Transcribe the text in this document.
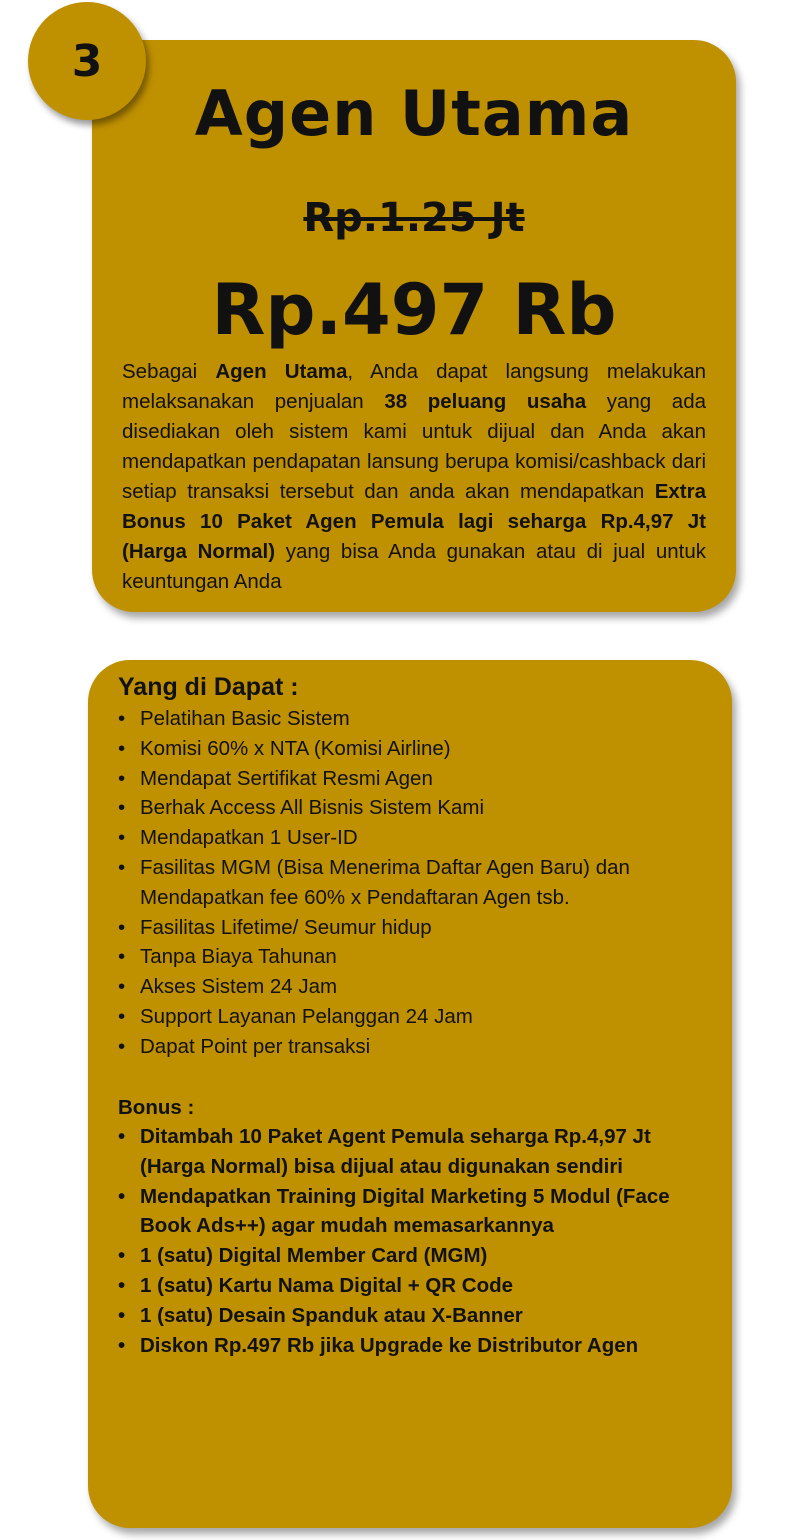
3
Agen Utama
Rp.1.25 Jt
Rp.497 Rb

Sebagai Agen Utama, Anda dapat langsung melakukan melaksanakan penjualan 38 peluang usaha yang ada disediakan oleh sistem kami untuk dijual dan Anda akan mendapatkan pendapatan lansung berupa komisi/cashback dari setiap transaksi tersebut dan anda akan mendapatkan Extra Bonus 10 Paket Agen Pemula lagi seharga Rp.4,97 Jt (Harga Normal) yang bisa Anda gunakan atau di jual untuk keuntungan Anda

Yang di Dapat :
• Pelatihan Basic Sistem
• Komisi 60% x NTA (Komisi Airline)
• Mendapat Sertifikat Resmi Agen
• Berhak Access All Bisnis Sistem Kami
• Mendapatkan 1 User-ID
• Fasilitas MGM (Bisa Menerima Daftar Agen Baru) dan Mendapatkan fee 60% x Pendaftaran Agen tsb.
• Fasilitas Lifetime/ Seumur hidup
• Tanpa Biaya Tahunan
• Akses Sistem 24 Jam
• Support Layanan Pelanggan 24 Jam
• Dapat Point per transaksi
Bonus :
• Ditambah 10 Paket Agent Pemula seharga Rp.4,97 Jt (Harga Normal) bisa dijual atau digunakan sendiri
• Mendapatkan Training Digital Marketing 5 Modul (Face Book Ads++) agar mudah memasarkannya
• 1 (satu) Digital Member Card (MGM)
• 1 (satu) Kartu Nama Digital + QR Code
• 1 (satu) Desain Spanduk atau X-Banner
• Diskon Rp.497 Rb jika Upgrade ke Distributor Agen
